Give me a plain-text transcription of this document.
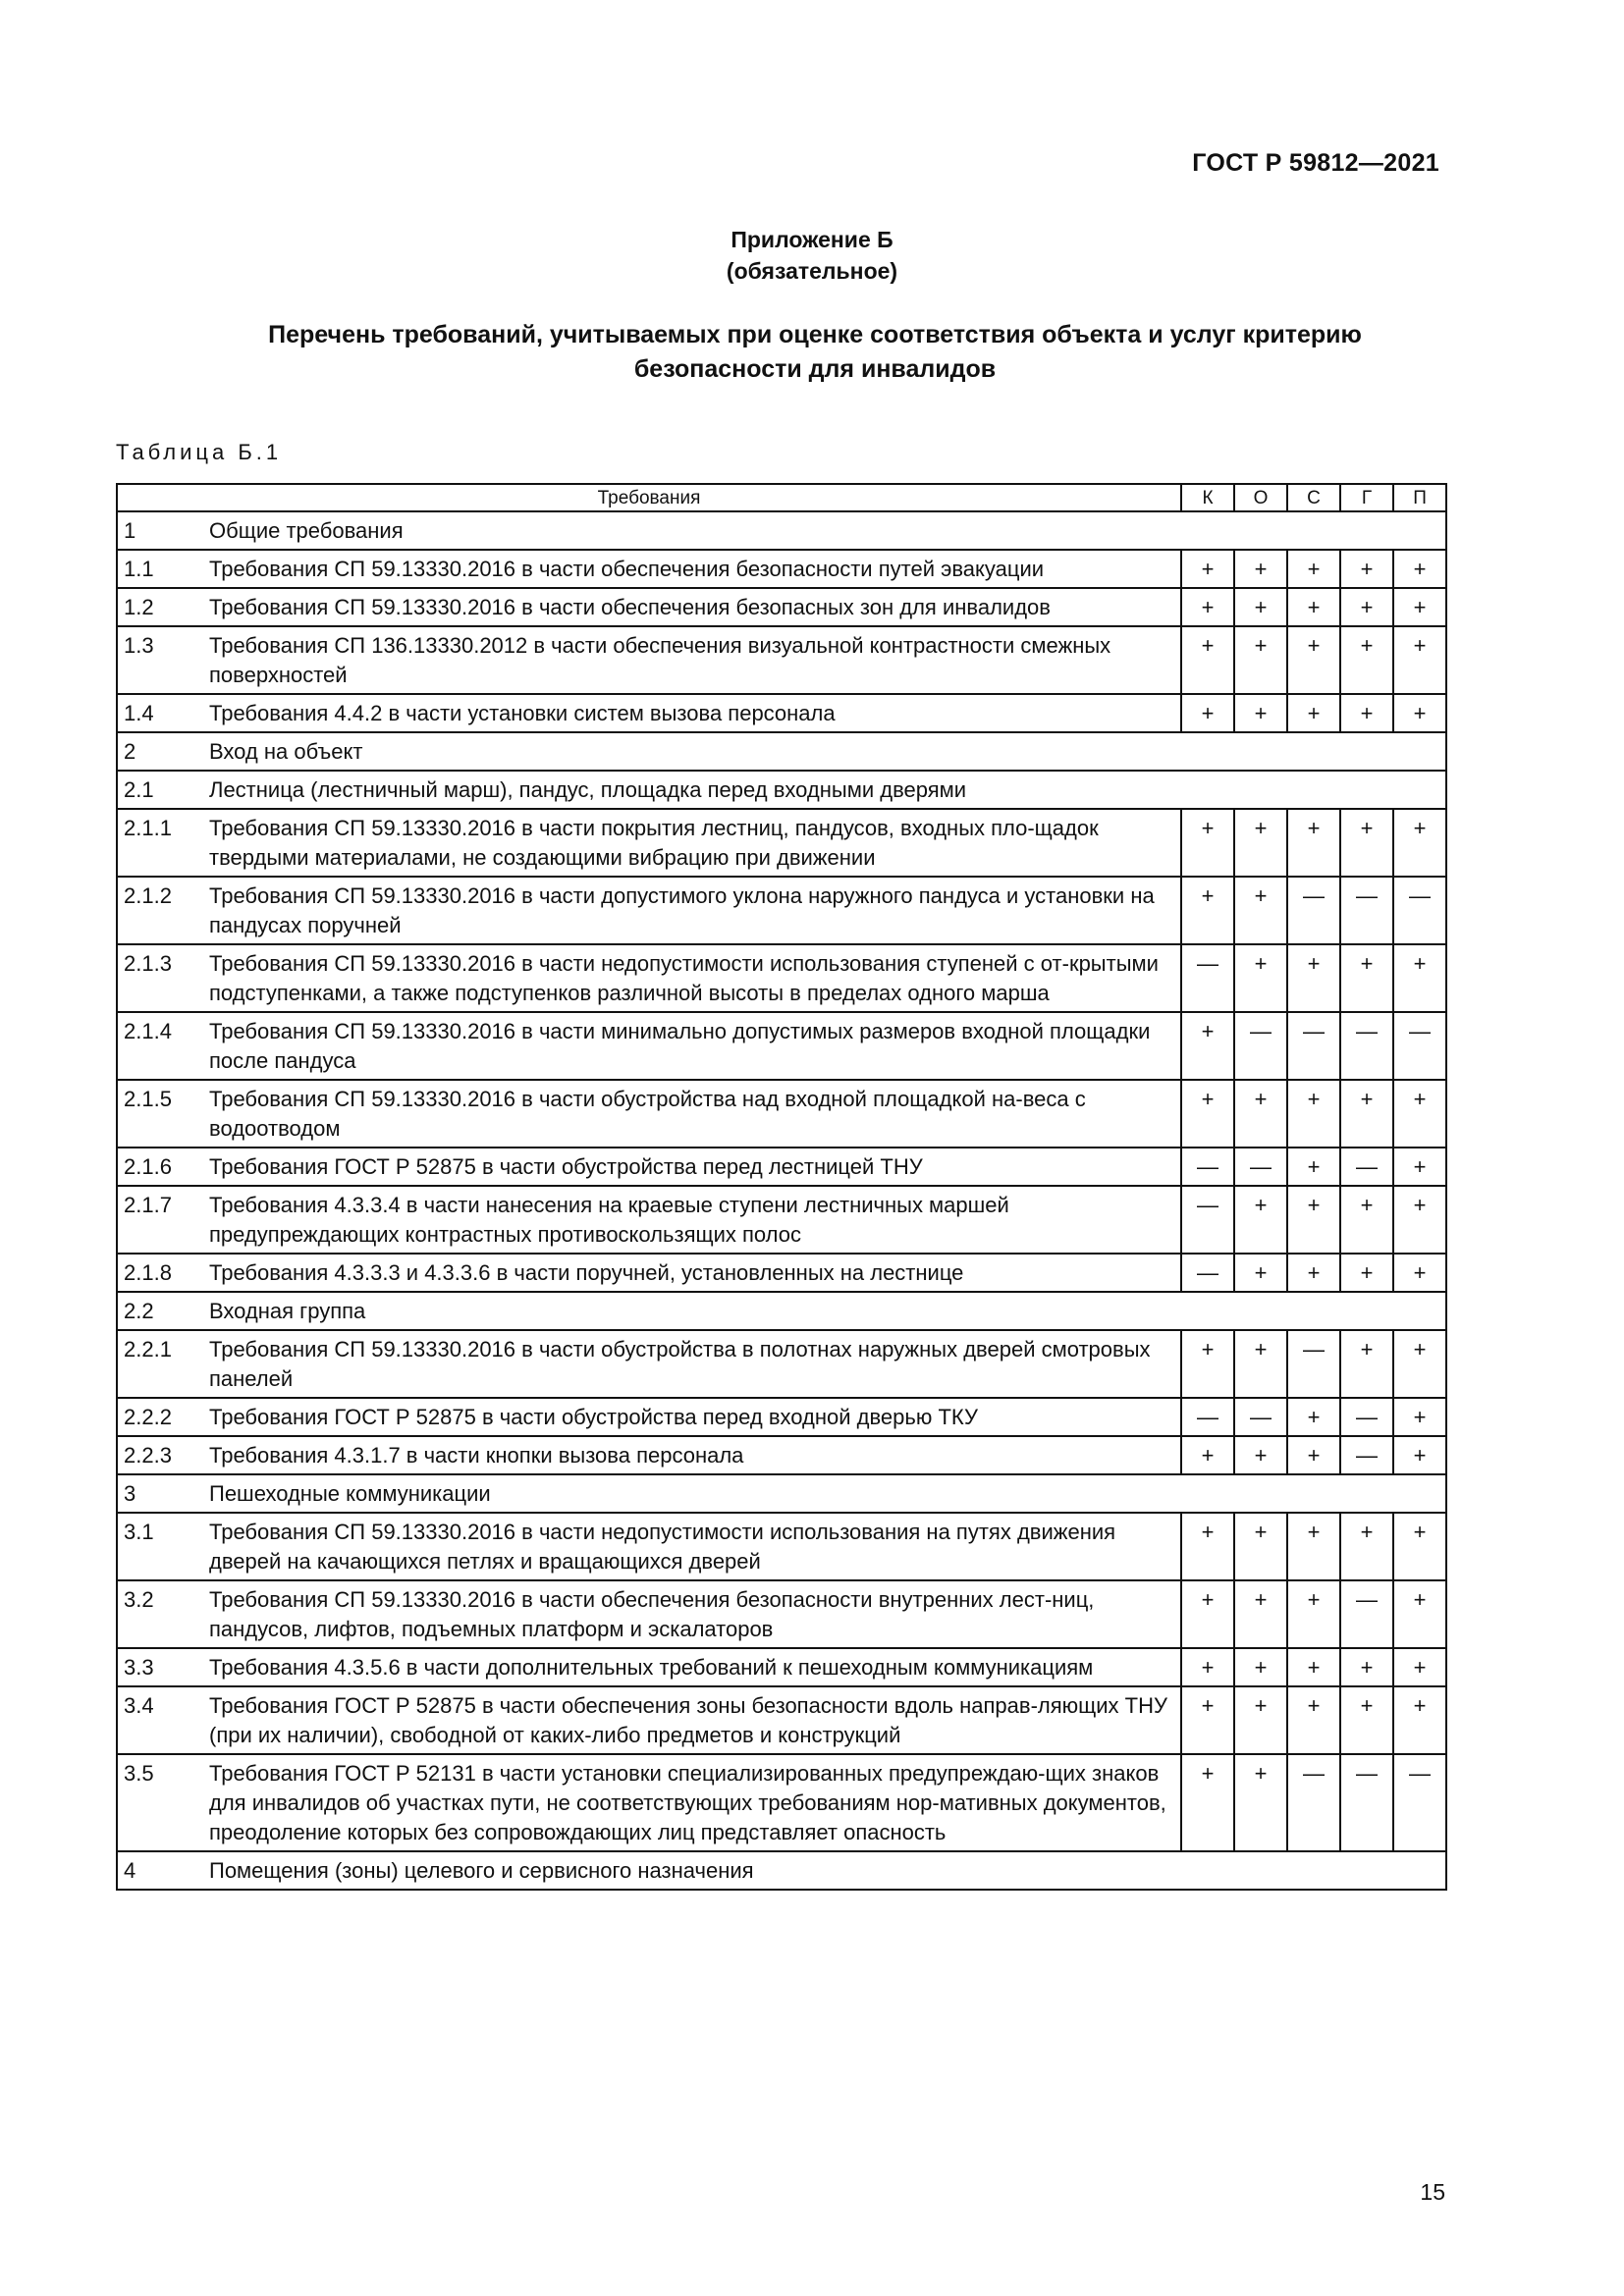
ГОСТ Р 59812—2021
Приложение Б
(обязательное)
Перечень требований, учитываемых при оценке соответствия объекта и услуг критерию
безопасности для инвалидов
Таблица Б.1
Требования		К	О	С	Г	П
1	Общие требования					
1.1	Требования СП 59.13330.2016 в части обеспечения безопасности путей эвакуации	+	+	+	+	+
1.2	Требования СП 59.13330.2016 в части обеспечения безопасных зон для инвалидов	+	+	+	+	+
1.3	Требования СП 136.13330.2012 в части обеспечения визуальной контрастности смежных поверхностей	+	+	+	+	+
1.4	Требования 4.4.2 в части установки систем вызова персонала	+	+	+	+	+
2	Вход на объект					
2.1	Лестница (лестничный марш), пандус, площадка перед входными дверями					
2.1.1	Требования СП 59.13330.2016 в части покрытия лестниц, пандусов, входных пло-щадок твердыми материалами, не создающими вибрацию при движении	+	+	+	+	+
2.1.2	Требования СП 59.13330.2016 в части допустимого уклона наружного пандуса и установки на пандусах поручней	+	+	—	—	—
2.1.3	Требования СП 59.13330.2016 в части недопустимости использования ступеней с от-крытыми подступенками, а также подступенков различной высоты в пределах одного марша	—	+	+	+	+
2.1.4	Требования СП 59.13330.2016 в части минимально допустимых размеров входной площадки после пандуса	+	—	—	—	—
2.1.5	Требования СП 59.13330.2016 в части обустройства над входной площадкой на-веса с водоотводом	+	+	+	+	+
2.1.6	Требования ГОСТ Р 52875 в части обустройства перед лестницей ТНУ	—	—	+	—	+
2.1.7	Требования 4.3.3.4 в части нанесения на краевые ступени лестничных маршей предупреждающих контрастных противоскользящих полос	—	+	+	+	+
2.1.8	Требования 4.3.3.3 и 4.3.3.6 в части поручней, установленных на лестнице	—	+	+	+	+
2.2	Входная группа					
2.2.1	Требования СП 59.13330.2016 в части обустройства в полотнах наружных дверей смотровых панелей	+	+	—	+	+
2.2.2	Требования ГОСТ Р 52875 в части обустройства перед входной дверью ТКУ	—	—	+	—	+
2.2.3	Требования 4.3.1.7 в части кнопки вызова персонала	+	+	+	—	+
3	Пешеходные коммуникации					
3.1	Требования СП 59.13330.2016 в части недопустимости использования на путях движения дверей на качающихся петлях и вращающихся дверей	+	+	+	+	+
3.2	Требования СП 59.13330.2016 в части обеспечения безопасности внутренних лест-ниц, пандусов, лифтов, подъемных платформ и эскалаторов	+	+	+	—	+
3.3	Требования 4.3.5.6 в части дополнительных требований к пешеходным коммуникациям	+	+	+	+	+
3.4	Требования ГОСТ Р 52875 в части обеспечения зоны безопасности вдоль направ-ляющих ТНУ (при их наличии), свободной от каких-либо предметов и конструкций	+	+	+	+	+
3.5	Требования ГОСТ Р 52131 в части установки специализированных предупреждаю-щих знаков для инвалидов об участках пути, не соответствующих требованиям нор-мативных документов, преодоление которых без сопровождающих лиц представляет опасность	+	+	—	—	—
4	Помещения (зоны) целевого и сервисного назначения					
15
